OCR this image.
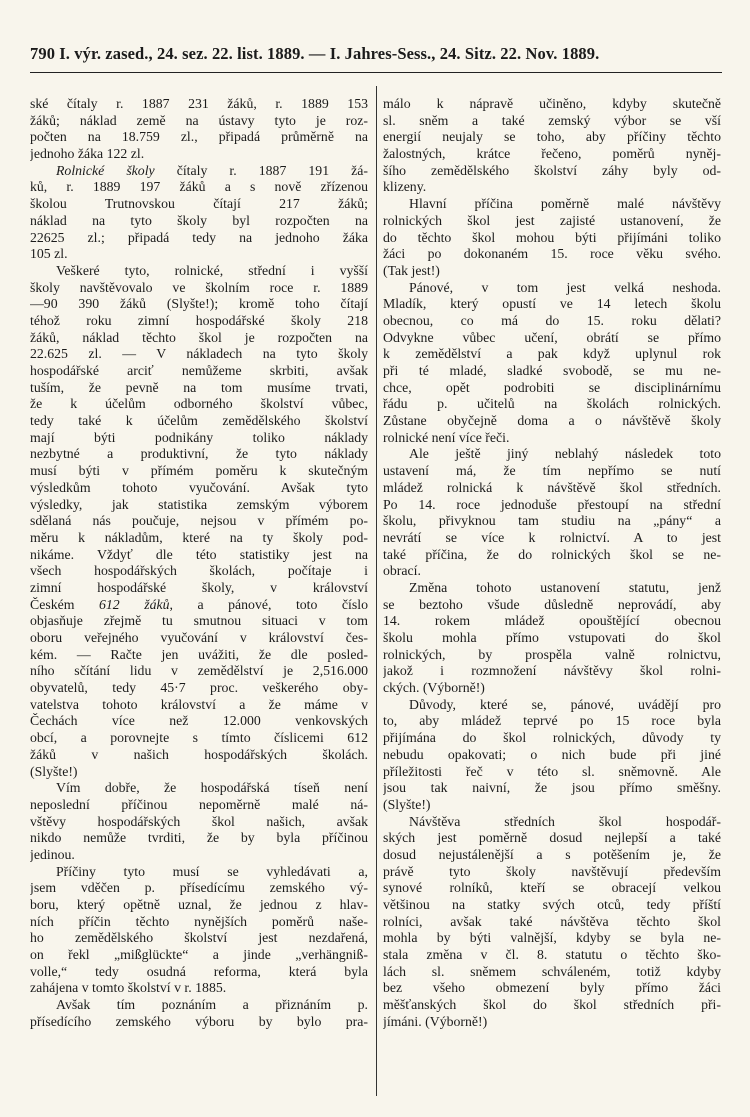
790 I. výr. zased., 24. sez. 22. list. 1889. — I. Jahres-Sess., 24. Sitz. 22. Nov. 1889.
ské čítaly r. 1887 231 žáků, r. 1889 153
žáků; náklad země na ústavy tyto je roz-
počten na 18.759 zl., připadá průměrně na
jednoho žáka 122 zl.
Rolnické školy čítaly r. 1887 191 žá-
ků, r. 1889 197 žáků a s nově zřízenou
školou Trutnovskou čítají 217 žáků;
náklad na tyto školy byl rozpočten na
22625 zl.; připadá tedy na jednoho žáka
105 zl.
Veškeré tyto, rolnické, střední i vyšší
školy navštěvovalo ve školním roce r. 1889
—90 390 žáků (Slyšte!); kromě toho čítají
téhož roku zimní hospodářské školy 218
žáků, náklad těchto škol je rozpočten na
22.625 zl. — V nákladech na tyto školy
hospodářské arciť nemůžeme skrbiti, avšak
tuším, že pevně na tom musíme trvati,
že k účelům odborného školství vůbec,
tedy také k účelům zemědělského školství
mají býti podnikány toliko náklady
nezbytné a produktivní, že tyto náklady
musí býti v přímém poměru k skutečným
výsledkům tohoto vyučování. Avšak tyto
výsledky, jak statistika zemským výborem
sdělaná nás poučuje, nejsou v přímém po-
měru k nákladům, které na ty školy pod-
nikáme. Vždyť dle této statistiky jest na
všech hospodářských školách, počítaje i
zimní hospodářské školy, v království
Českém 612 žáků, a pánové, toto číslo
objasňuje zřejmě tu smutnou situaci v tom
oboru veřejného vyučování v království čes-
kém. — Račte jen uvážiti, že dle posled-
ního sčítání lidu v zemědělství je 2,516.000
obyvatelů, tedy 45·7 proc. veškerého oby-
vatelstva tohoto království a že máme v
Čechách více než 12.000 venkovských
obcí, a porovnejte s tímto číslicemi 612
žáků v našich hospodářských školách.
(Slyšte!)
Vím dobře, že hospodářská tíseň není
neposlední příčinou nepoměrně malé ná-
vštěvy hospodářských škol našich, avšak
nikdo nemůže tvrditi, že by byla příčinou
jedinou.
Příčiny tyto musí se vyhledávati a,
jsem vděčen p. přísedícímu zemského vý-
boru, který opětně uznal, že jednou z hlav-
ních příčin těchto nynějších poměrů naše-
ho zemědělského školství jest nezdařená,
on řekl „mißglückte“ a jinde „verhängniß-
volle,“ tedy osudná reforma, která byla
zahájena v tomto školství v r. 1885.
Avšak tím poznáním a přiznáním p.
přísedícího zemského výboru by bylo pra-
málo k nápravě učiněno, kdyby skutečně
sl. sněm a také zemský výbor se vší
energií neujaly se toho, aby příčiny těchto
žalostných, krátce řečeno, poměrů nyněj-
šího zemědělského školství záhy byly od-
klizeny.
Hlavní příčina poměrně malé návštěvy
rolnických škol jest zajisté ustanovení, že
do těchto škol mohou býti přijímáni toliko
žáci po dokonaném 15. roce věku svého.
(Tak jest!)
Pánové, v tom jest velká neshoda.
Mladík, který opustí ve 14 letech školu
obecnou, co má do 15. roku dělati?
Odvykne vůbec učení, obrátí se přímo
k zemědělství a pak když uplynul rok
při té mladé, sladké svobodě, se mu ne-
chce, opět podrobiti se disciplinárnímu
řádu p. učitelů na školách rolnických.
Zůstane obyčejně doma a o návštěvě školy
rolnické není více řeči.
Ale ještě jiný neblahý následek toto
ustavení má, že tím nepřímo se nutí
mládež rolnická k návštěvě škol středních.
Po 14. roce jednoduše přestoupí na střední
školu, přivyknou tam studiu na „pány“ a
nevrátí se více k rolnictví. A to jest
také příčina, že do rolnických škol se ne-
obrací.
Změna tohoto ustanovení statutu, jenž
se beztoho všude důsledně neprovádí, aby
14. rokem mládež opouštějící obecnou
školu mohla přímo vstupovati do škol
rolnických, by prospěla valně rolnictvu,
jakož i rozmnožení návštěvy škol rolni-
ckých. (Výborně!)
Důvody, které se, pánové, uvádějí pro
to, aby mládež teprvé po 15 roce byla
přijímána do škol rolnických, důvody ty
nebudu opakovati; o nich bude při jiné
příležitosti řeč v této sl. sněmovně. Ale
jsou tak naivní, že jsou přímo směšny.
(Slyšte!)
Návštěva středních škol hospodář-
ských jest poměrně dosud nejlepší a také
dosud nejustálenější a s potěšením je, že
právě tyto školy navštěvují především
synové rolníků, kteří se obracejí velkou
většinou na statky svých otců, tedy příští
rolníci, avšak také návštěva těchto škol
mohla by býti valnější, kdyby se byla ne-
stala změna v čl. 8. statutu o těchto ško-
lách sl. sněmem schváleném, totiž kdyby
bez všeho obmezení byly přímo žáci
měšťanských škol do škol středních při-
jímáni. (Výborně!)
